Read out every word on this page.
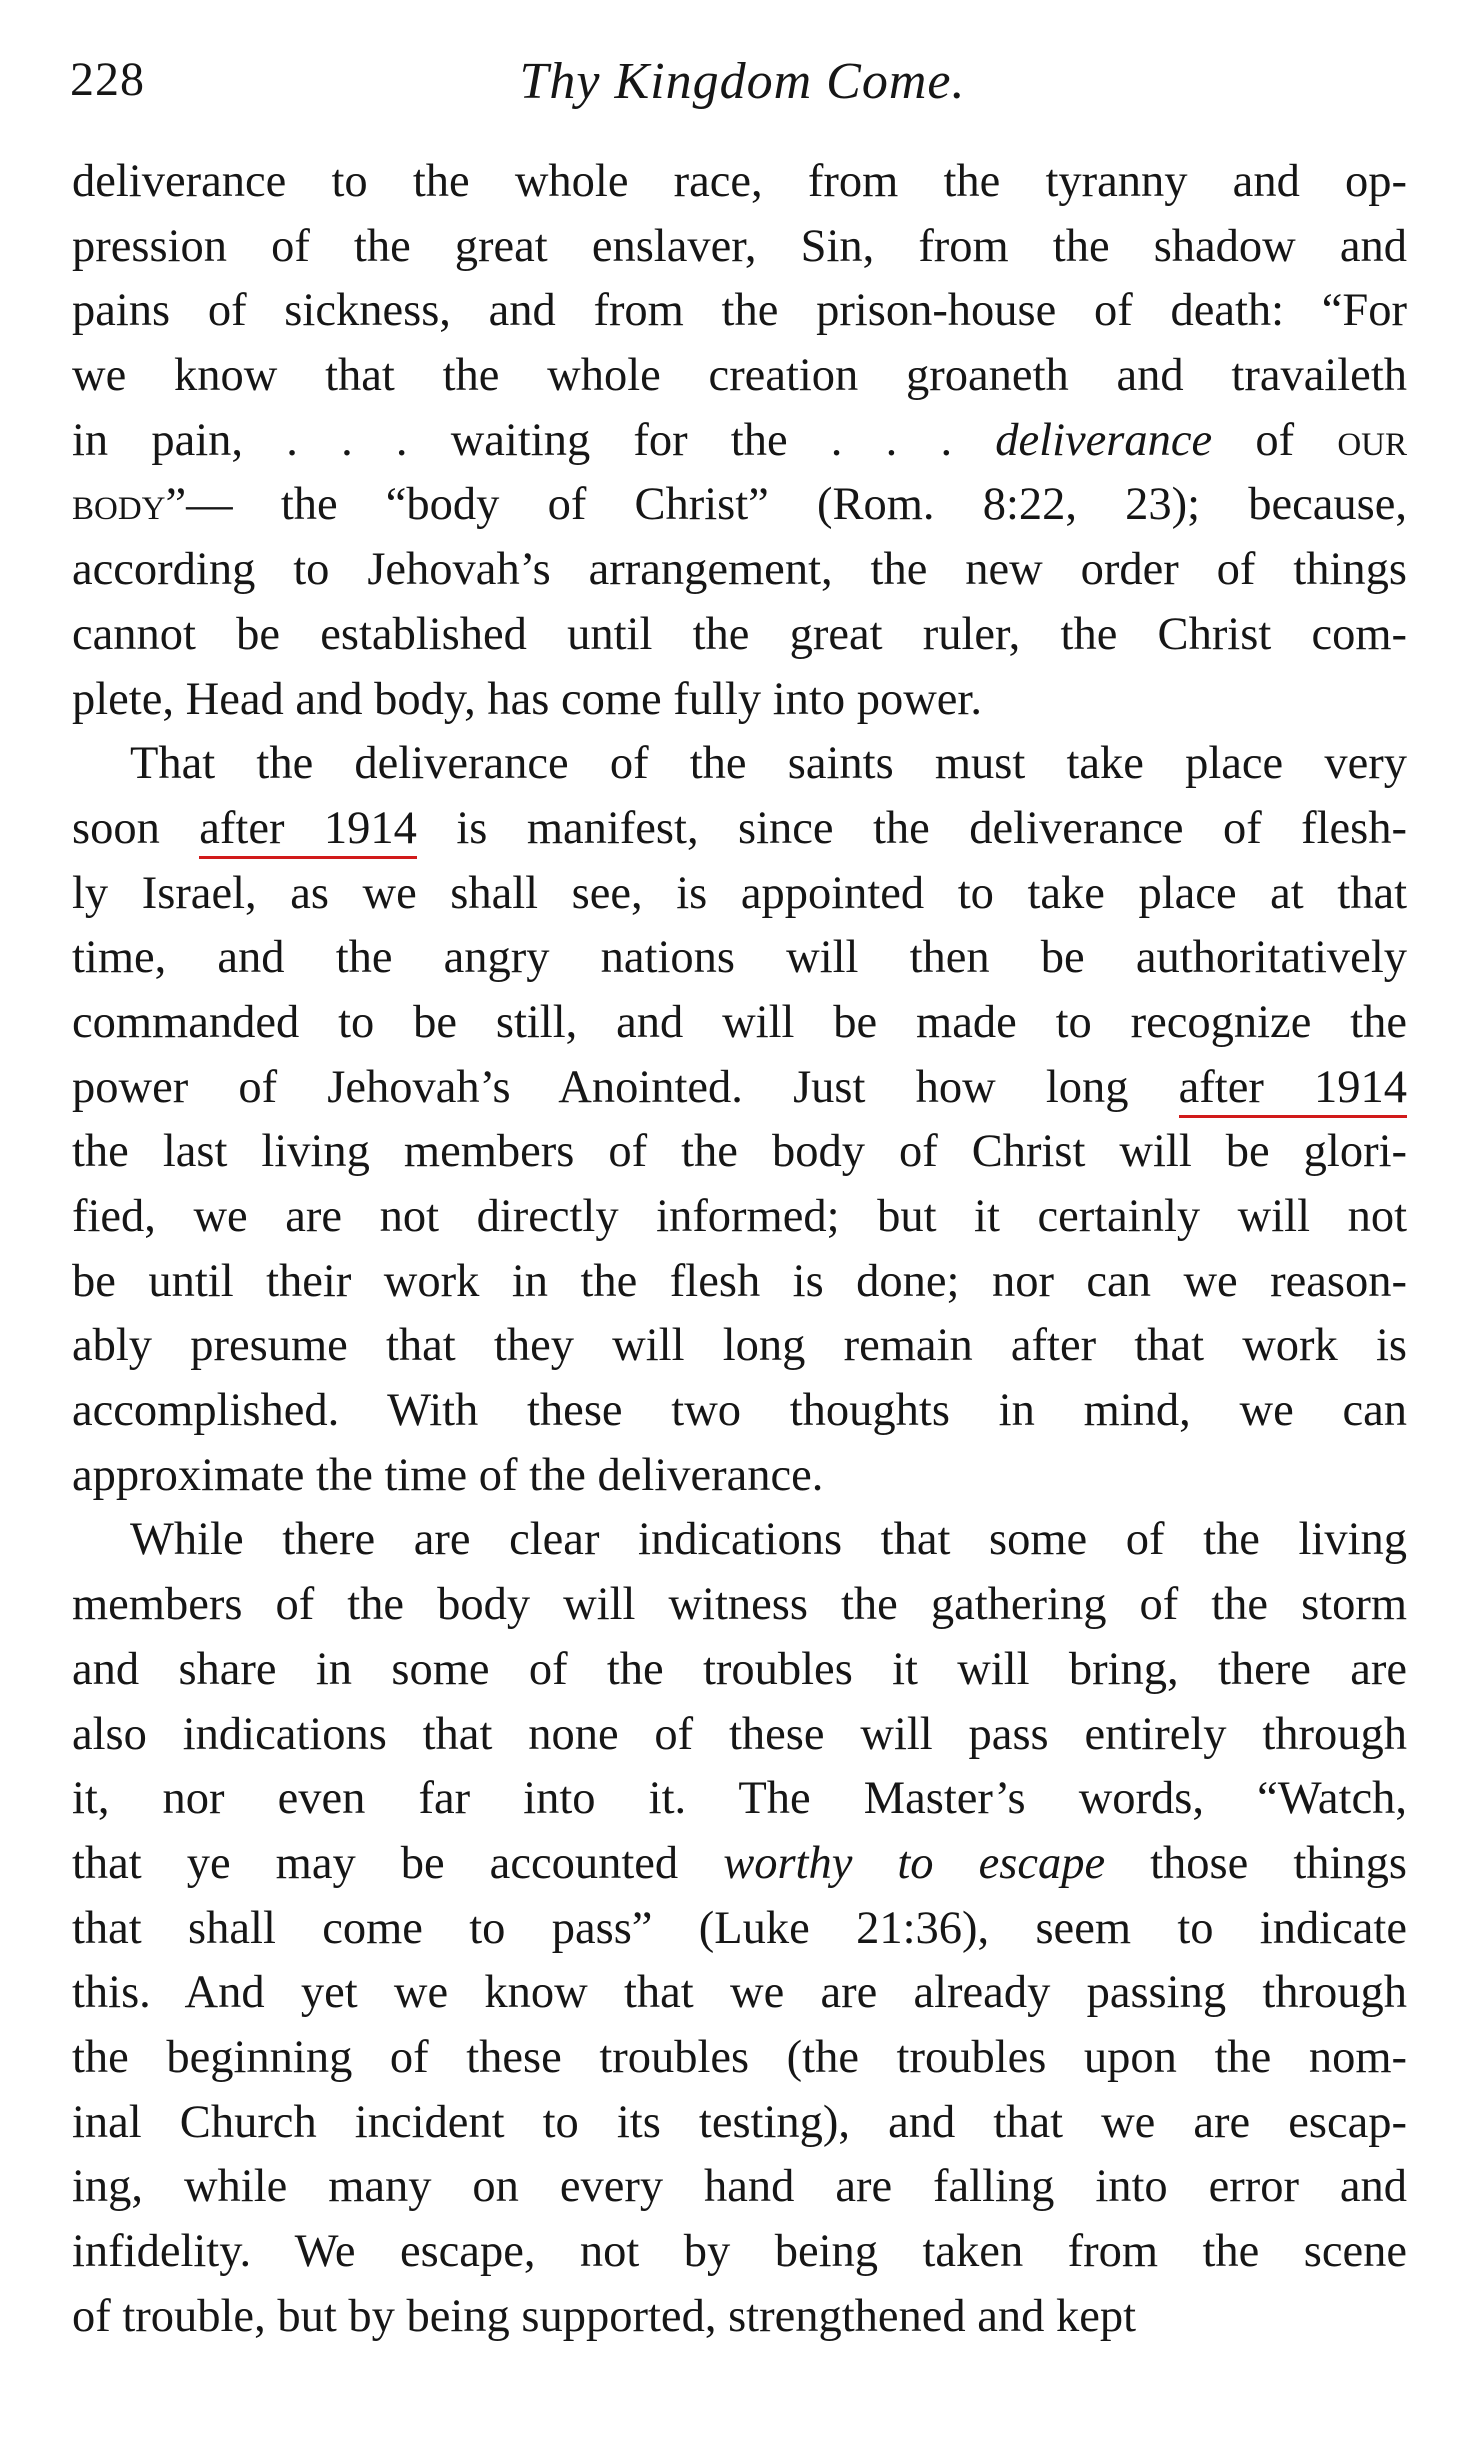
228	Thy Kingdom Come.
deliverance to the whole race, from the tyranny and op-
pression of the great enslaver, Sin, from the shadow and
pains of sickness, and from the prison-house of death: “For
we know that the whole creation groaneth and travaileth
in pain, . . . waiting for the . . . deliverance of our
body”— the “body of Christ” (Rom. 8:22, 23); because,
according to Jehovah’s arrangement, the new order of things
cannot be established until the great ruler, the Christ com-
plete, Head and body, has come fully into power.
That the deliverance of the saints must take place very
soon after 1914 is manifest, since the deliverance of flesh-
ly Israel, as we shall see, is appointed to take place at that
time, and the angry nations will then be authoritatively
commanded to be still, and will be made to recognize the
power of Jehovah’s Anointed. Just how long after 1914
the last living members of the body of Christ will be glori-
fied, we are not directly informed; but it certainly will not
be until their work in the flesh is done; nor can we reason-
ably presume that they will long remain after that work is
accomplished. With these two thoughts in mind, we can
approximate the time of the deliverance.
While there are clear indications that some of the living
members of the body will witness the gathering of the storm
and share in some of the troubles it will bring, there are
also indications that none of these will pass entirely through
it, nor even far into it. The Master’s words, “Watch,
that ye may be accounted worthy to escape those things
that shall come to pass” (Luke 21:36), seem to indicate
this. And yet we know that we are already passing through
the beginning of these troubles (the troubles upon the nom-
inal Church incident to its testing), and that we are escap-
ing, while many on every hand are falling into error and
infidelity. We escape, not by being taken from the scene
of trouble, but by being supported, strengthened and kept
